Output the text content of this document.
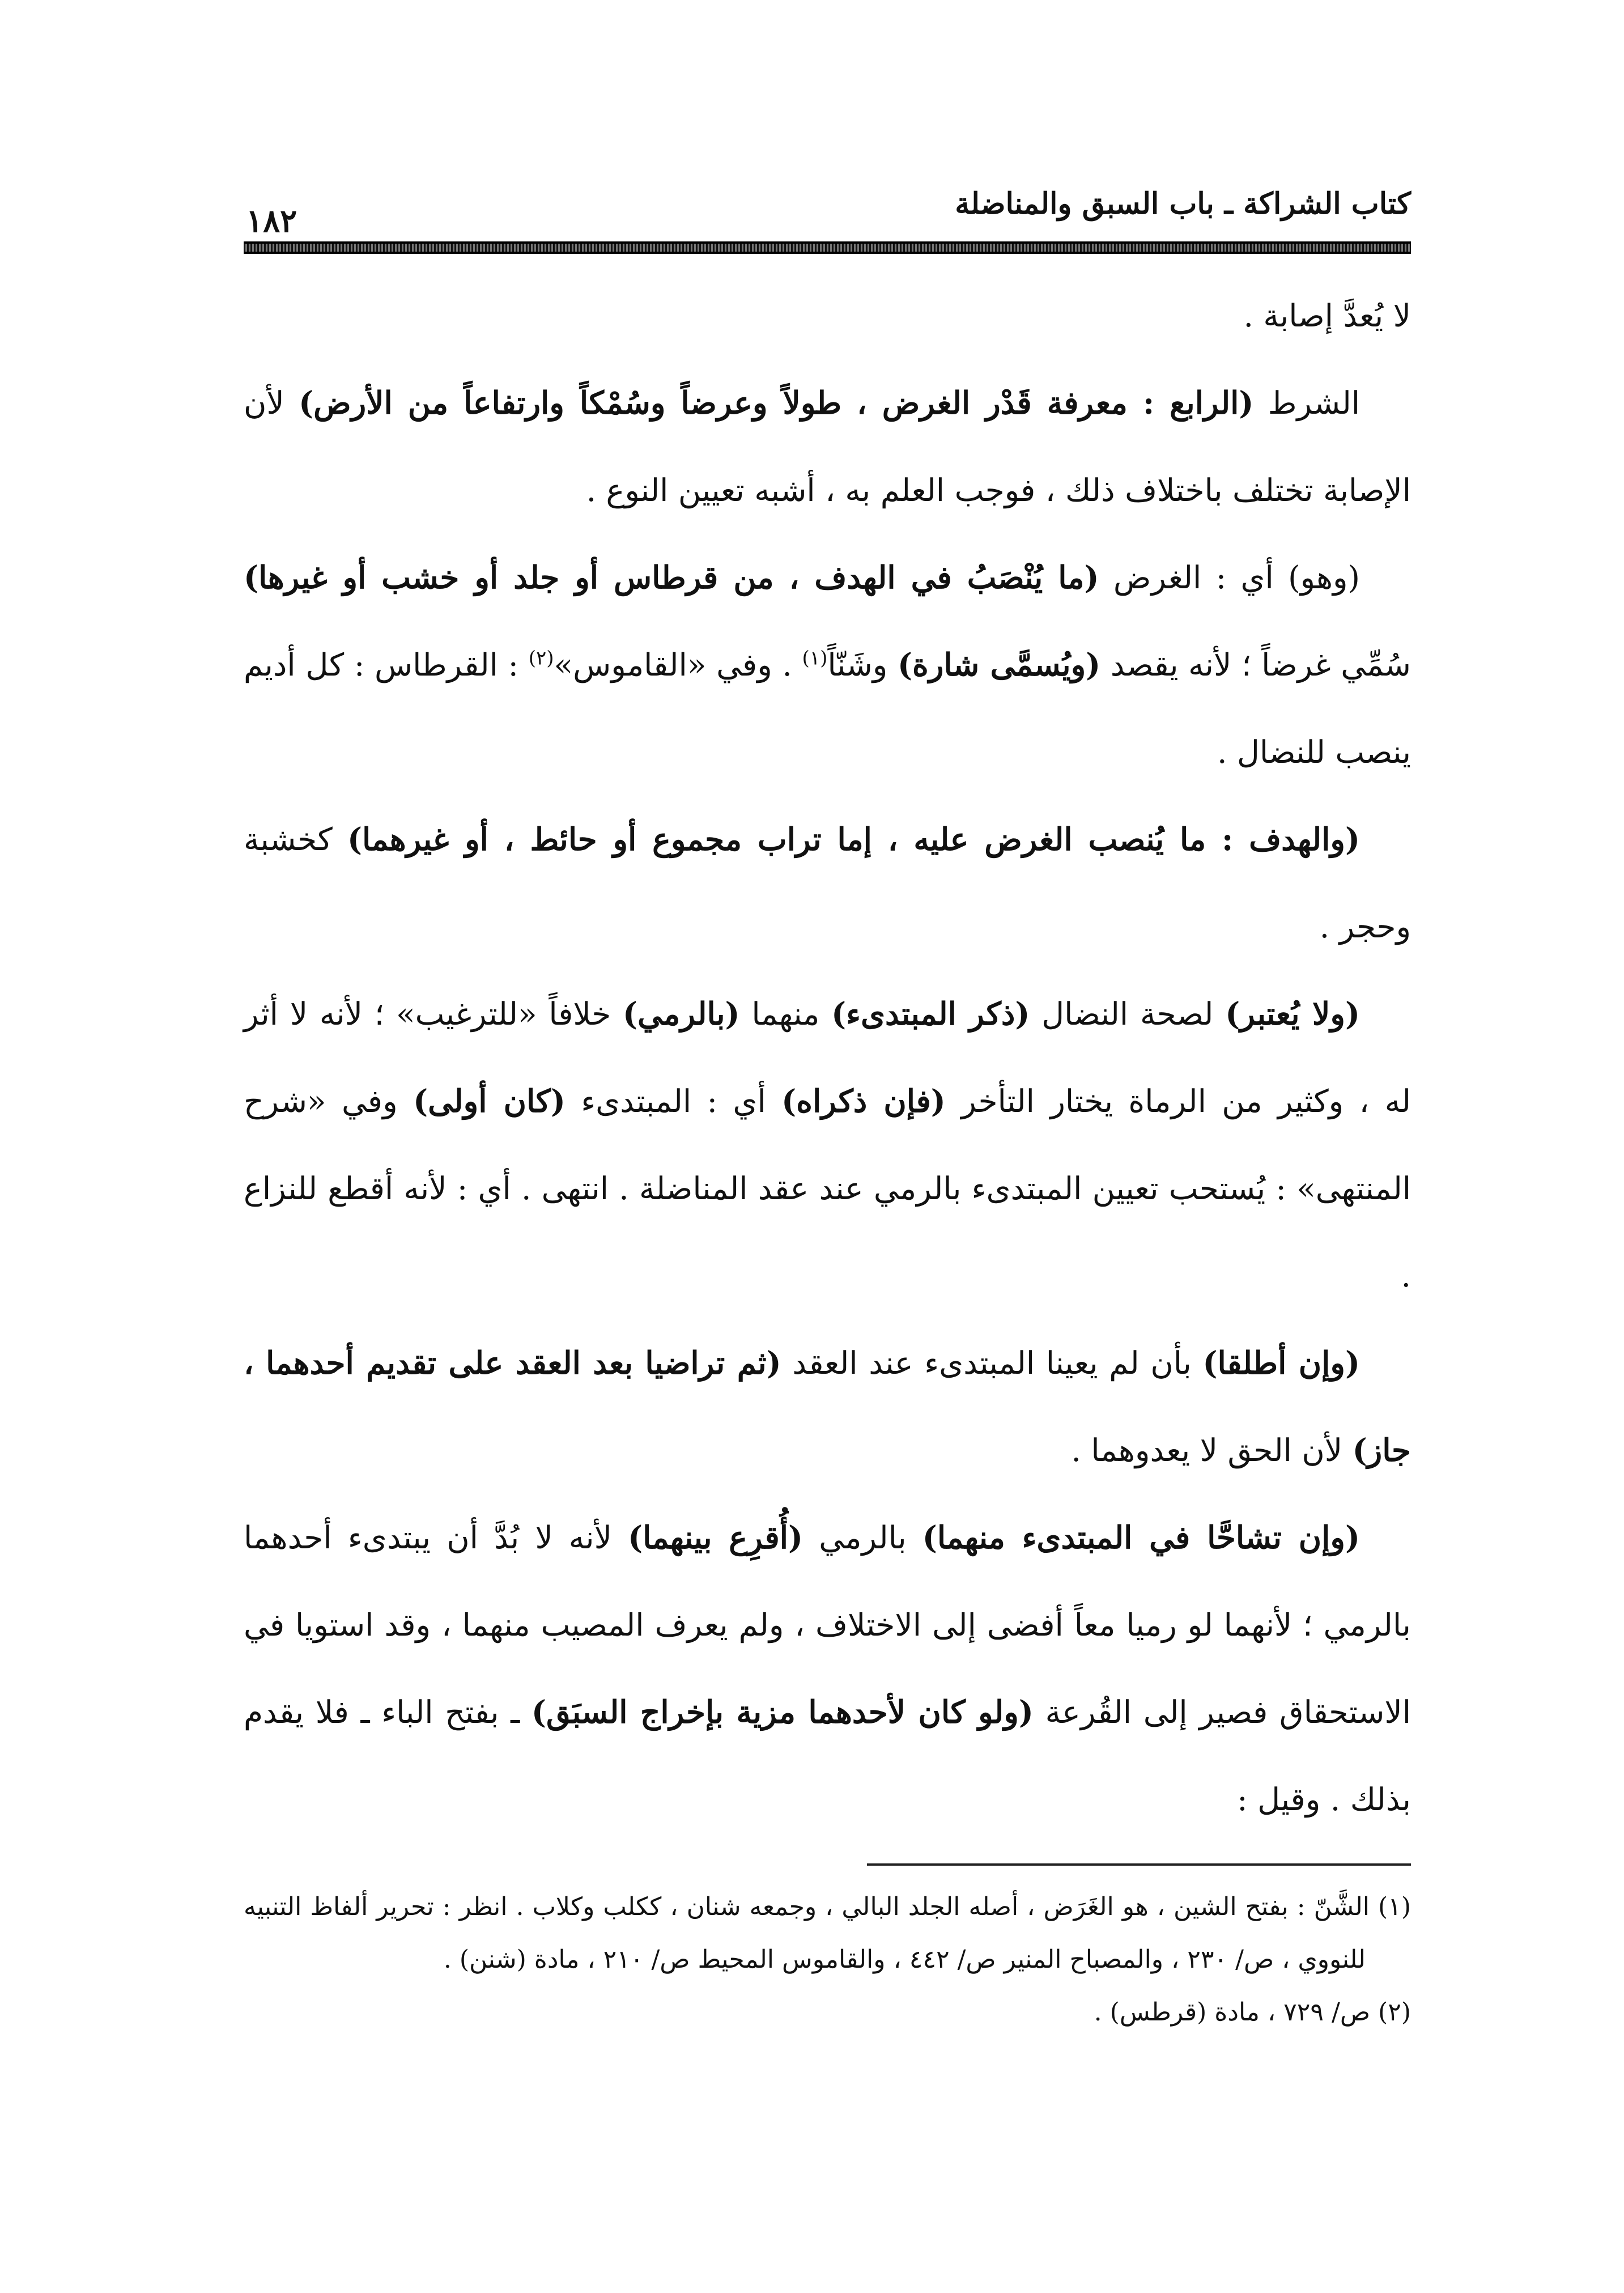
كتاب الشراكة ـ باب السبق والمناضلة
١٨٢

لا يُعدَّ إصابة .

الشرط (الرابع : معرفة قَدْر الغرض ، طولاً وعرضاً وسُمْكاً وارتفاعاً من الأرض) لأن الإصابة تختلف باختلاف ذلك ، فوجب العلم به ، أشبه تعيين النوع .

(وهو) أي : الغرض (ما يُنْصَبُ في الهدف ، من قرطاس أو جلد أو خشب أو غيرها) سُمِّي غرضاً ؛ لأنه يقصد (ويُسمَّى شارة) وشَنّاً$^{(١)}$ . وفي «القاموس»$^{(٢)}$ : القرطاس : كل أديم ينصب للنضال .

(والهدف : ما يُنصب الغرض عليه ، إما تراب مجموع أو حائط ، أو غيرهما) كخشبة وحجر .

(ولا يُعتبر) لصحة النضال (ذكر المبتدىء) منهما (بالرمي) خلافاً «للترغيب» ؛ لأنه لا أثر له ، وكثير من الرماة يختار التأخر (فإن ذكراه) أي : المبتدىء (كان أولى) وفي «شرح المنتهى» : يُستحب تعيين المبتدىء بالرمي عند عقد المناضلة . انتهى . أي : لأنه أقطع للنزاع .

(وإن أطلقا) بأن لم يعينا المبتدىء عند العقد (ثم تراضيا بعد العقد على تقديم أحدهما ، جاز) لأن الحق لا يعدوهما .

(وإن تشاحَّا في المبتدىء منهما) بالرمي (أُقرِع بينهما) لأنه لا بُدَّ أن يبتدىء أحدهما بالرمي ؛ لأنهما لو رميا معاً أفضى إلى الاختلاف ، ولم يعرف المصيب منهما ، وقد استويا في الاستحقاق فصير إلى القُرعة (ولو كان لأحدهما مزية بإخراج السبَق) ـ بفتح الباء ـ فلا يقدم بذلك . وقيل :

(١) الشَّنّ : بفتح الشين ، هو الغَرَض ، أصله الجلد البالي ، وجمعه شنان ، ككلب وكلاب . انظر : تحرير ألفاظ التنبيه للنووي ، ص/ ٢٣٠ ، والمصباح المنير ص/ ٤٤٢ ، والقاموس المحيط ص/ ٢١٠ ، مادة (شنن) .

(٢) ص/ ٧٢٩ ، مادة (قرطس) .
